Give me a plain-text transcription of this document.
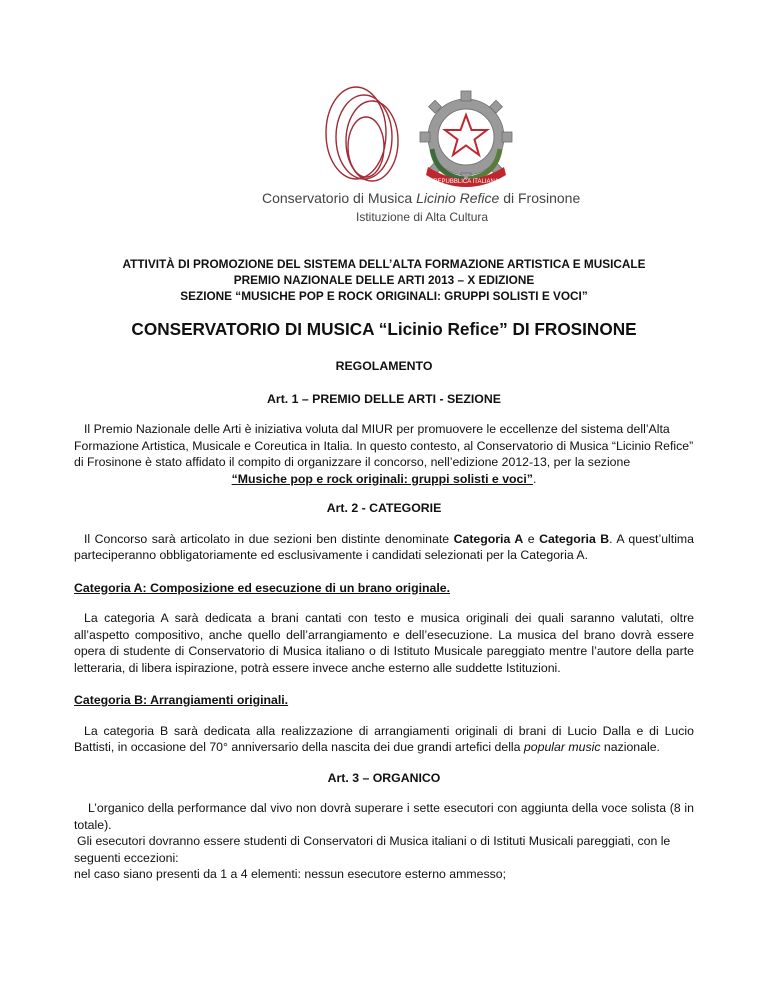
REPUBBLICA ITALIANA
Conservatorio di Musica Licinio Refice di Frosinone
Istituzione di Alta Cultura
ATTIVITÀ DI PROMOZIONE DEL SISTEMA DELL’ALTA FORMAZIONE ARTISTICA E MUSICALE
PREMIO NAZIONALE DELLE ARTI 2013 – X EDIZIONE
SEZIONE “MUSICHE POP E ROCK ORIGINALI: GRUPPI SOLISTI E VOCI”
CONSERVATORIO DI MUSICA “Licinio Refice” DI FROSINONE

REGOLAMENTO

Art. 1 – PREMIO DELLE ARTI - SEZIONE

Il Premio Nazionale delle Arti è iniziativa voluta dal MIUR per promuovere le eccellenze del sistema dell’Alta Formazione Artistica, Musicale e Coreutica in Italia. In questo contesto, al Conservatorio di Musica “Licinio Refice” di Frosinone è stato affidato il compito di organizzare il concorso, nell’edizione 2012-13, per la sezione

“Musiche pop e rock originali: gruppi solisti e voci”.

Art. 2 - CATEGORIE

Il Concorso sarà articolato in due sezioni ben distinte denominate Categoria A e Categoria B. A quest’ultima parteciperanno obbligatoriamente ed esclusivamente i candidati selezionati per la Categoria A.

Categoria A: Composizione ed esecuzione di un brano originale.

La categoria A sarà dedicata a brani cantati con testo e musica originali dei quali saranno valutati, oltre all’aspetto compositivo, anche quello dell’arrangiamento e dell’esecuzione. La musica del brano dovrà essere opera di studente di Conservatorio di Musica italiano o di Istituto Musicale pareggiato mentre l’autore della parte letteraria, di libera ispirazione, potrà essere invece anche esterno alle suddette Istituzioni.

Categoria B: Arrangiamenti originali.

La categoria B sarà dedicata alla realizzazione di arrangiamenti originali di brani di Lucio Dalla e di Lucio Battisti, in occasione del 70° anniversario della nascita dei due grandi artefici della popular music nazionale.

Art. 3 – ORGANICO

L’organico della performance dal vivo non dovrà superare i sette esecutori con aggiunta della voce solista (8 in totale).

Gli esecutori dovranno essere studenti di Conservatori di Musica italiani o di Istituti Musicali pareggiati, con le seguenti eccezioni:

nel caso siano presenti da 1 a 4 elementi: nessun esecutore esterno ammesso;
